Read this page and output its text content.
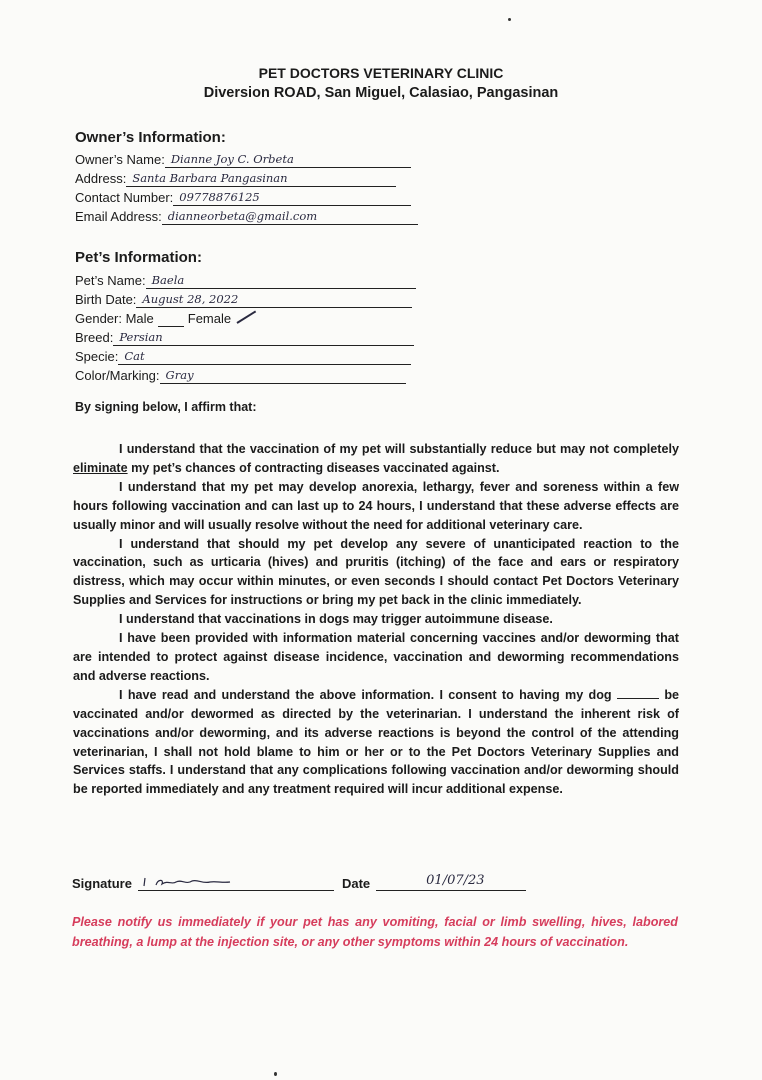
PET DOCTORS VETERINARY CLINIC
Diversion ROAD, San Miguel, Calasiao, Pangasinan
Owner’s Information:
Owner’s Name: Dianne Joy C. Orbeta
Address: Santa Barbara Pangasinan
Contact Number: 09778876125
Email Address: dianneorbeta@gmail.com
Pet’s Information:
Pet’s Name: Baela
Birth Date: August 28, 2022
Gender: Male	Female
Breed: Persian
Specie: Cat
Color/Marking: Gray
By signing below, I affirm that:

I understand that the vaccination of my pet will substantially reduce but may not completely eliminate my pet’s chances of contracting diseases vaccinated against.

I understand that my pet may develop anorexia, lethargy, fever and soreness within a few hours following vaccination and can last up to 24 hours, I understand that these adverse effects are usually minor and will usually resolve without the need for additional veterinary care.

I understand that should my pet develop any severe of unanticipated reaction to the vaccination, such as urticaria (hives) and pruritis (itching) of the face and ears or respiratory distress, which may occur within minutes, or even seconds I should contact Pet Doctors Veterinary Supplies and Services for instructions or bring my pet back in the clinic immediately.

I understand that vaccinations in dogs may trigger autoimmune disease.

I have been provided with information material concerning vaccines and/or deworming that are intended to protect against disease incidence, vaccination and deworming recommendations and adverse reactions.

I have read and understand the above information. I consent to having my dog	be vaccinated and/or dewormed as directed by the veterinarian. I understand the inherent risk of vaccinations and/or deworming, and its adverse reactions is beyond the control of the attending veterinarian, I shall not hold blame to him or her or to the Pet Doctors Veterinary Supplies and Services staffs. I understand that any complications following vaccination and/or deworming should be reported immediately and any treatment required will incur additional expense.

Signature	Date	01/07/23
Please notify us immediately if your pet has any vomiting, facial or limb swelling, hives, labored breathing, a lump at the injection site, or any other symptoms within 24 hours of vaccination.
